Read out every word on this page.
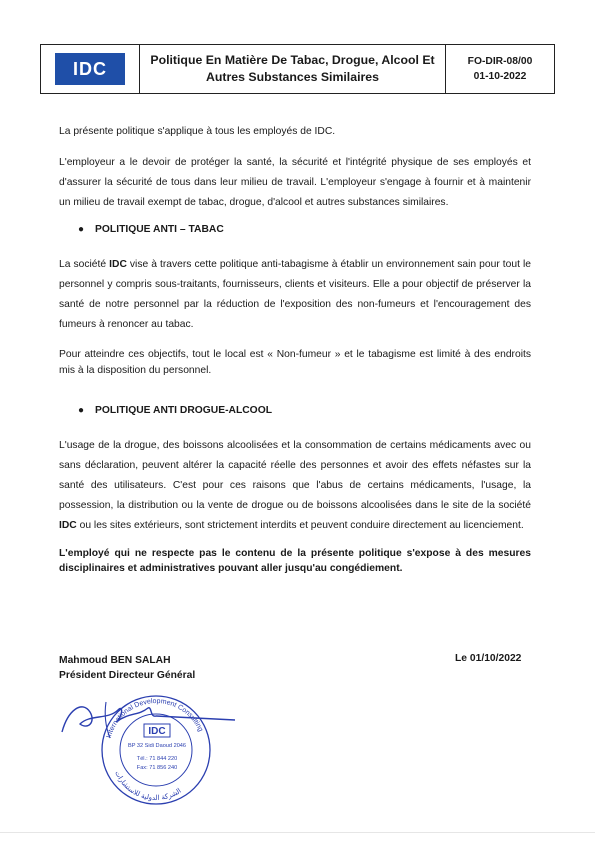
IDC	Politique En Matière De Tabac, Drogue, Alcool Et
Autres Substances Similaires
FO-DIR-08/00
01-10-2022

La présente politique s'applique à tous les employés de IDC.

L'employeur a le devoir de protéger la santé, la sécurité et l'intégrité physique de ses employés et d'assurer la sécurité de tous dans leur milieu de travail. L'employeur s'engage à fournir et à maintenir un milieu de travail exempt de tabac, drogue, d'alcool et autres substances similaires.

● POLITIQUE ANTI – TABAC

La société IDC vise à travers cette politique anti-tabagisme à établir un environnement sain pour tout le personnel y compris sous-traitants, fournisseurs, clients et visiteurs. Elle a pour objectif de préserver la santé de notre personnel par la réduction de l'exposition des non-fumeurs et l'encouragement des fumeurs à renoncer au tabac.

Pour atteindre ces objectifs, tout le local est « Non-fumeur » et le tabagisme est limité à des endroits mis à la disposition du personnel.

● POLITIQUE ANTI DROGUE-ALCOOL

L'usage de la drogue, des boissons alcoolisées et la consommation de certains médicaments avec ou sans déclaration, peuvent altérer la capacité réelle des personnes et avoir des effets néfastes sur la santé des utilisateurs. C'est pour ces raisons que l'abus de certains médicaments, l'usage, la possession, la distribution ou la vente de drogue ou de boissons alcoolisées dans le site de la société IDC ou les sites extérieurs, sont strictement interdits et peuvent conduire directement au licenciement.

L'employé qui ne respecte pas le contenu de la présente politique s'expose à des mesures disciplinaires et administratives pouvant aller jusqu'au congédiement.

Mahmoud BEN SALAH
Président Directeur Général
Le 01/10/2022
International Development Consulting
الشركة الدولية للاستشارات
IDC
BP 32 Sidi Daoud 2046
Tél.: 71 844 220
Fax: 71 856 240
